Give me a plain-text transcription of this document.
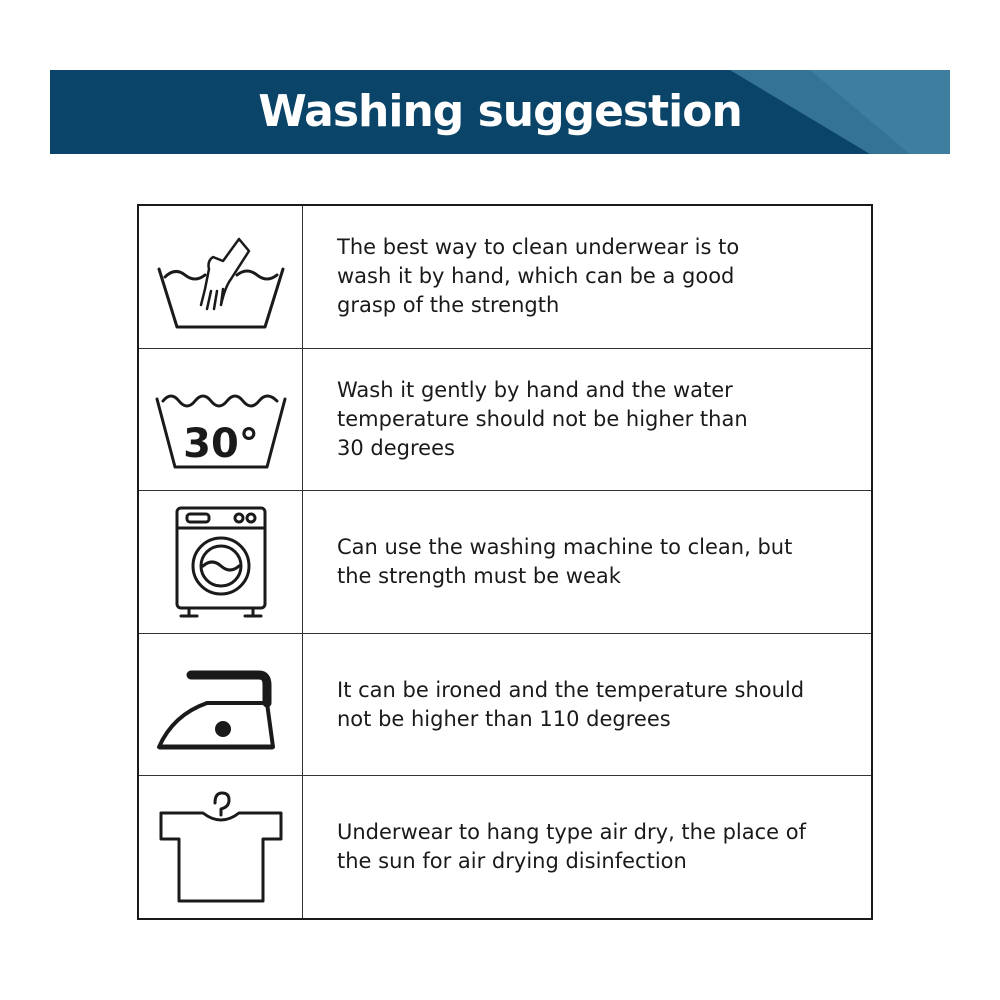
Washing suggestion
The best way to clean underwear is to wash it by hand, which can be a good grasp of the strength
30°
Wash it gently by hand and the water temperature should not be higher than 30 degrees
Can use the washing machine to clean, but the strength must be weak
It can be ironed and the temperature should not be higher than 110 degrees
Underwear to hang type air dry, the place of the sun for air drying disinfection
